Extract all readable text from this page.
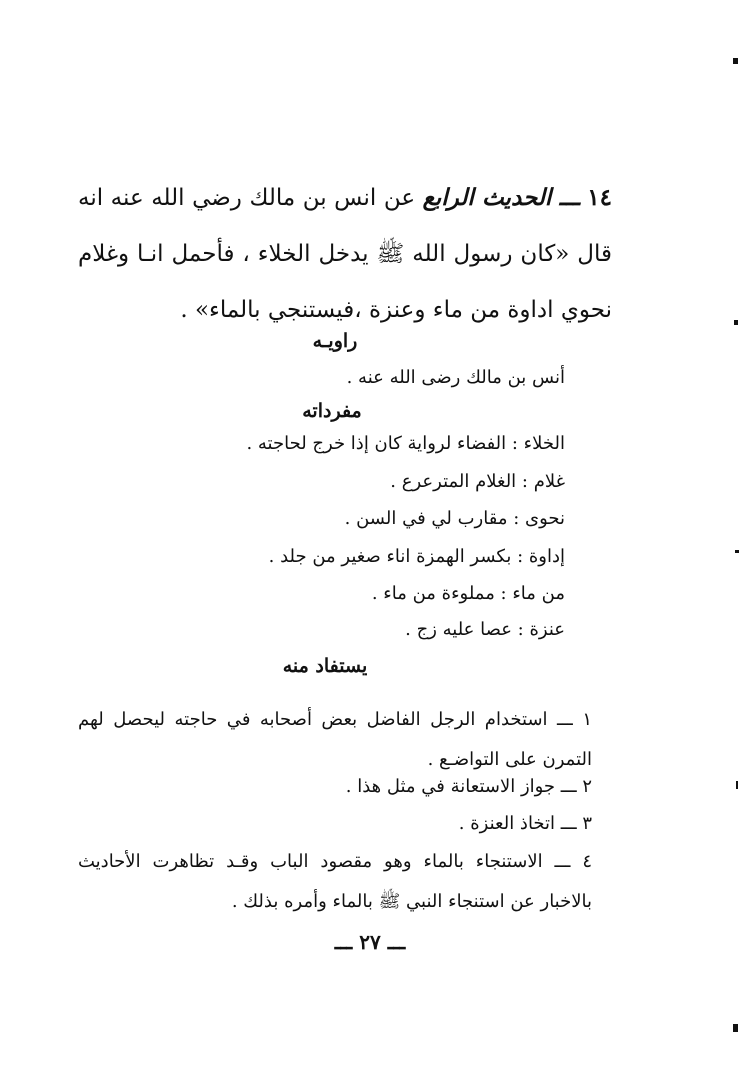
١٤ ـــ الحديث الرابع عن انس بن مالك رضي الله عنه انه قال «كان رسول الله ﷺ يدخل الخلاء ، فأحمل انـا وغلام نحوي اداوة من ماء وعنزة ،فيستنجي بالماء» .

راويـه
أنس بن مالك رضى الله عنه .
مفرداته
الخلاء : الفضاء لرواية كان إذا خرج لحاجته .
غلام : الغلام المترعرع .
نحوى : مقارب لي في السن .
إداوة : بكسر الهمزة اناء صغير من جلد .
من ماء : مملوءة من ماء .
عنزة : عصا عليه زج .
يستفاد منه

١ ـــ استخدام الرجل الفاضل بعض أصحابه في حاجته ليحصل لهم التمرن على التواضـع .

٢ ـــ جواز الاستعانة في مثل هذا .
٣ ـــ اتخاذ العنزة .

٤ ـــ الاستنجاء بالماء وهو مقصود الباب وقـد تظاهرت الأحاديث بالاخبار عن استنجاء النبي ﷺ بالماء وأمره بذلك .

ـــ ٢٧ ـــ
